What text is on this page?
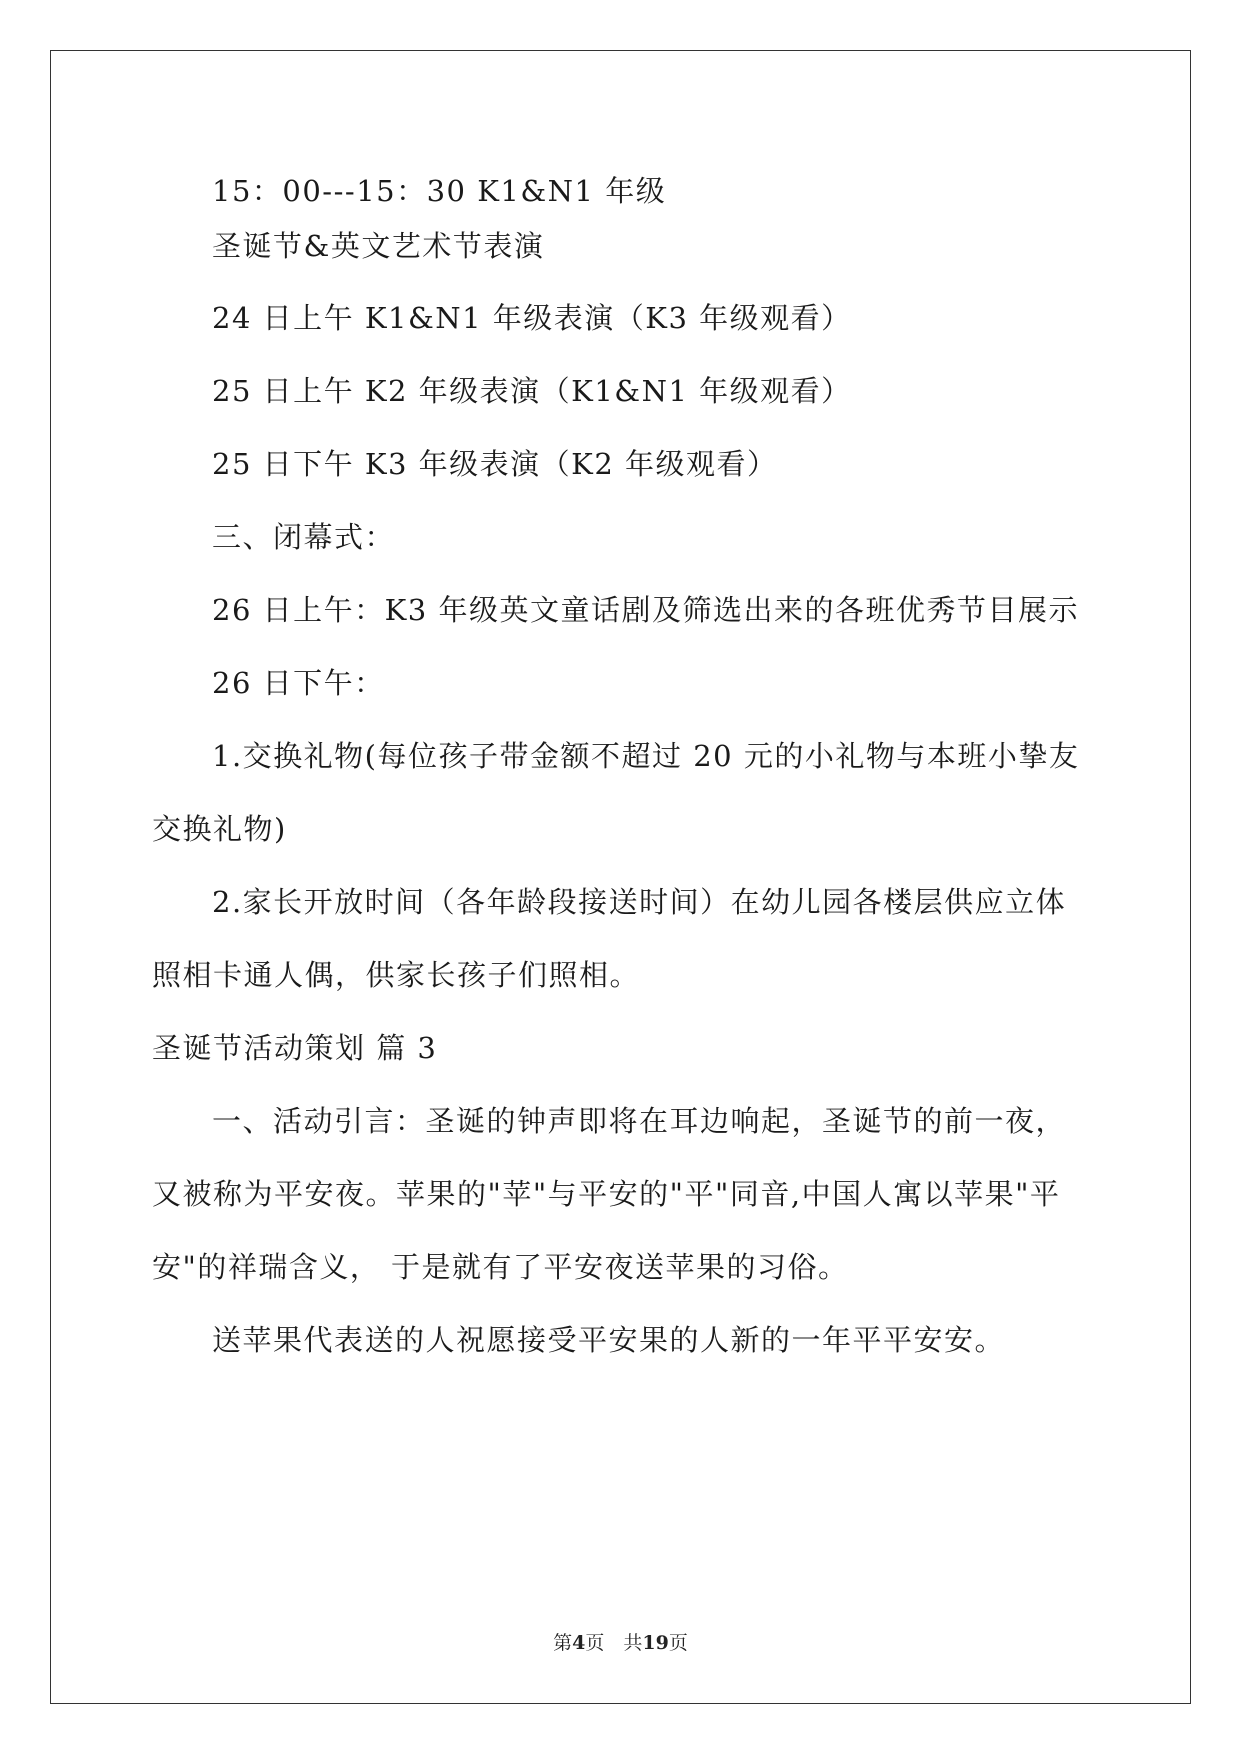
15：00---15：30 K1&N1 年级
圣诞节&英文艺术节表演
24 日上午 K1&N1 年级表演（K3 年级观看）
25 日上午 K2 年级表演（K1&N1 年级观看）
25 日下午 K3 年级表演（K2 年级观看）
三、闭幕式：
26 日上午：K3 年级英文童话剧及筛选出来的各班优秀节目展示
26 日下午：
1.交换礼物(每位孩子带金额不超过 20 元的小礼物与本班小挚友
交换礼物)
2.家长开放时间（各年龄段接送时间）在幼儿园各楼层供应立体
照相卡通人偶，供家长孩子们照相。
圣诞节活动策划 篇 3
一、活动引言：圣诞的钟声即将在耳边响起，圣诞节的前一夜，
又被称为平安夜。苹果的"苹"与平安的"平"同音,中国人寓以苹果"平
安"的祥瑞含义， 于是就有了平安夜送苹果的习俗。
送苹果代表送的人祝愿接受平安果的人新的一年平平安安。
第4页　共19页
